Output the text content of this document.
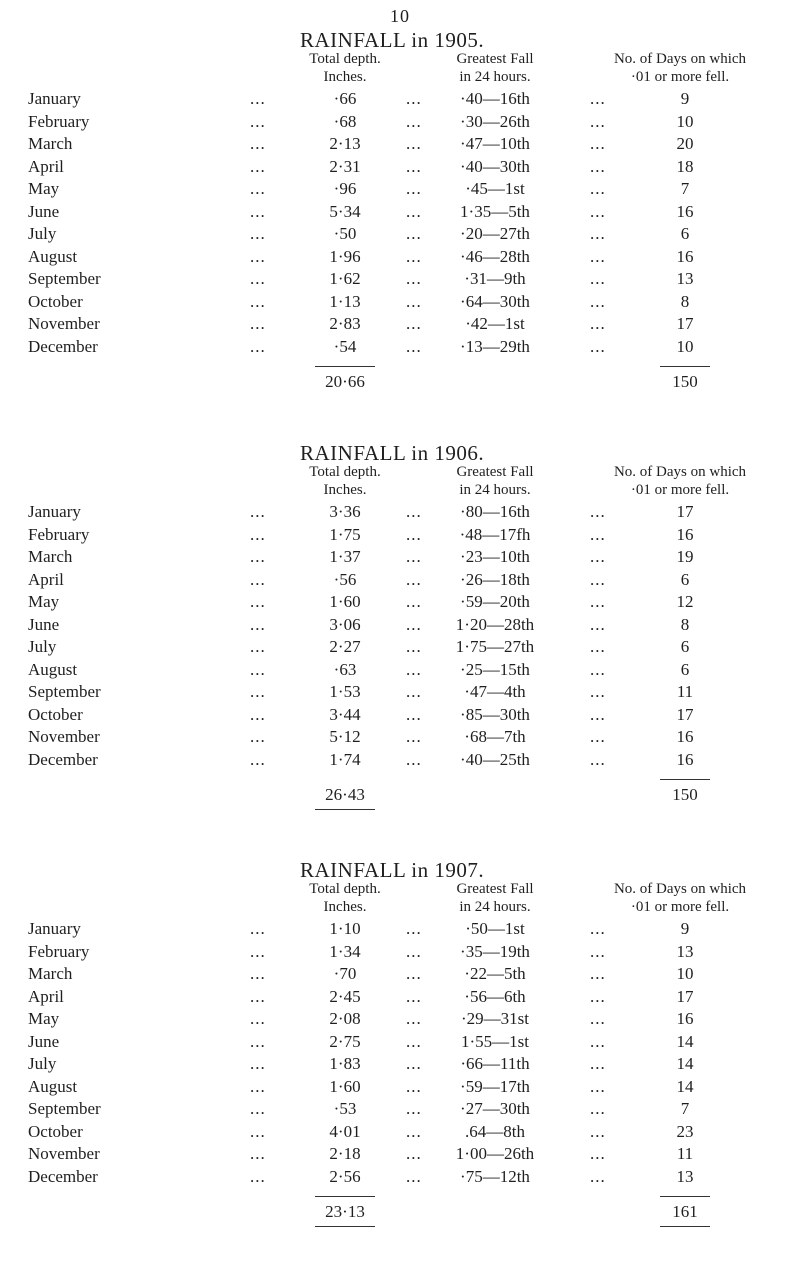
10
RAINFALL in 1905.
Total depth.
Inches.
Greatest Fall
in 24 hours.
No. of Days on which
·01 or more fell.
January	...	·66	...	·40—16th	...	9
February	...	·68	...	·30—26th	...	10
March	...	2·13	...	·47—10th	...	20
April	...	2·31	...	·40—30th	...	18
May	...	·96	...	·45—1st	...	7
June	...	5·34	...	1·35—5th	...	16
July	...	·50	...	·20—27th	...	6
August	...	1·96	...	·46—28th	...	16
September	...	1·62	...	·31—9th	...	13
October	...	1·13	...	·64—30th	...	8
November	...	2·83	...	·42—1st	...	17
December	...	·54	...	·13—29th	...	10
20·66	150
RAINFALL in 1906.
Total depth.
Inches.
Greatest Fall
in 24 hours.
No. of Days on which
·01 or more fell.
January	...	3·36	...	·80—16th	...	17
February	...	1·75	...	·48—17fh	...	16
March	...	1·37	...	·23—10th	...	19
April	...	·56	...	·26—18th	...	6
May	...	1·60	...	·59—20th	...	12
June	...	3·06	...	1·20—28th	...	8
July	...	2·27	...	1·75—27th	...	6
August	...	·63	...	·25—15th	...	6
September	...	1·53	...	·47—4th	...	11
October	...	3·44	...	·85—30th	...	17
November	...	5·12	...	·68—7th	...	16
December	...	1·74	...	·40—25th	...	16
26·43	150
RAINFALL in 1907.
Total depth.
Inches.
Greatest Fall
in 24 hours.
No. of Days on which
·01 or more fell.
January	...	1·10	...	·50—1st	...	9
February	...	1·34	...	·35—19th	...	13
March	...	·70	...	·22—5th	...	10
April	...	2·45	...	·56—6th	...	17
May	...	2·08	...	·29—31st	...	16
June	...	2·75	...	1·55—1st	...	14
July	...	1·83	...	·66—11th	...	14
August	...	1·60	...	·59—17th	...	14
September	...	·53	...	·27—30th	...	7
October	...	4·01	...	.64—8th	...	23
November	...	2·18	...	1·00—26th	...	11
December	...	2·56	...	·75—12th	...	13
23·13	161
